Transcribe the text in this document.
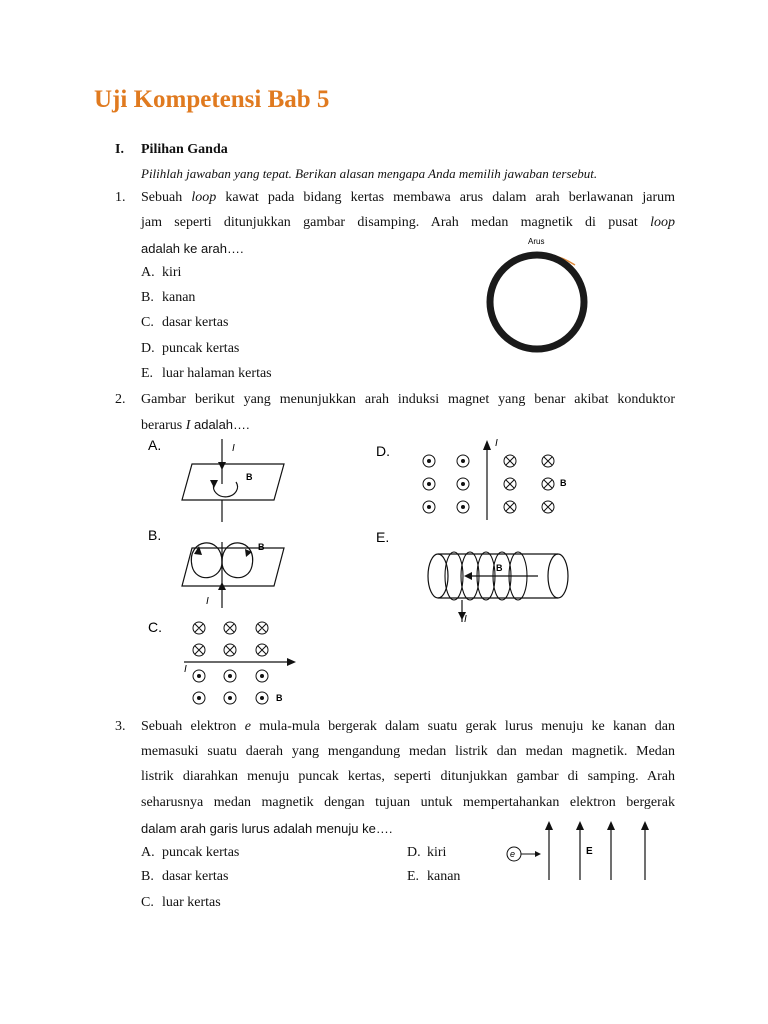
Uji Kompetensi Bab 5
I. Pilihan Ganda
Pilihlah jawaban yang tepat. Berikan alasan mengapa Anda memilih jawaban tersebut.
1. Sebuah loop kawat pada bidang kertas membawa arus dalam arah berlawanan jarum
jam seperti ditunjukkan gambar disamping. Arah medan magnetik di pusat loop
adalah ke arah….
A. kiri
B. kanan
C. dasar kertas
D. puncak kertas
E. luar halaman kertas
Arus
2. Gambar berikut yang menunjukkan arah induksi magnet yang benar akibat konduktor
berarus I adalah….
A.	I
B
D.	I
B
B.
I
B
E.
B
I
C.
I
B
3. Sebuah elektron e mula-mula bergerak dalam suatu gerak lurus menuju ke kanan dan
memasuki suatu daerah yang mengandung medan listrik dan medan magnetik. Medan
listrik diarahkan menuju puncak kertas, seperti ditunjukkan gambar di samping. Arah
seharusnya medan magnetik dengan tujuan untuk mempertahankan elektron bergerak
dalam arah garis lurus adalah menuju ke….
A. puncak kertas
B. dasar kertas
C. luar kertas
D. kiri
E. kanan
e	E
